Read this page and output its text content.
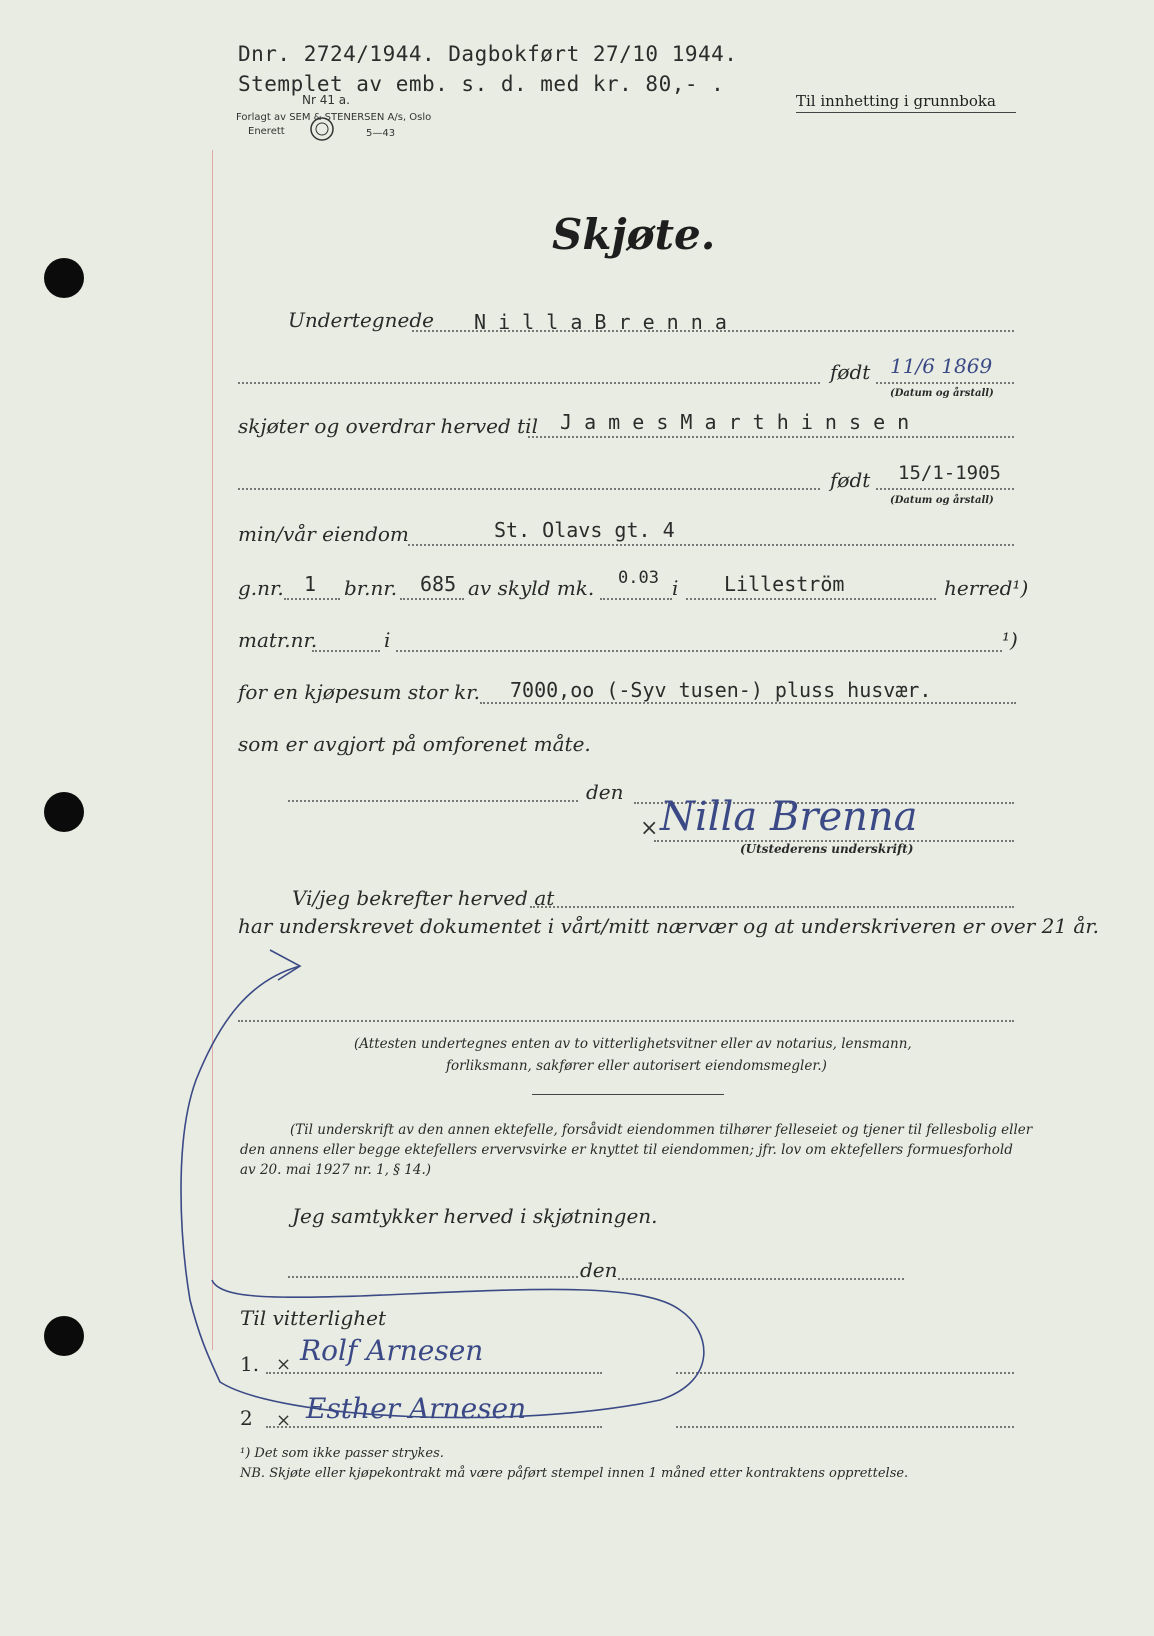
Dnr. 2724/1944. Dagbokført 27/10 1944.
Stemplet av emb. s. d. med kr. 80,- .
Nr 41 a.
Forlagt av SEM & STENERSEN A/s, Oslo
Enerett	5—43
Til innhetting i grunnboka
Skjøte.
Undertegnede N i l l a B r e n n a
født 11/6 1869
(Datum og årstall)
skjøter og overdrar herved til J a m e s M a r t h i n s e n
født 15/1-1905
(Datum og årstall)
min/vår eiendom	St. Olavs gt. 4
g.nr. 1 br.nr. 685 av skyld mk. 0.03 i Lilleström	herred¹)
matr.nr.	i	¹)
for en kjøpesum stor kr. 7000,oo (-Syv tusen-) pluss husvær.
som er avgjort på omforenet måte.
den
× Nilla Brenna
(Utstederens underskrift)
Vi/jeg bekrefter herved at
har underskrevet dokumentet i vårt/mitt nærvær og at underskriveren er over 21 år.
(Attesten undertegnes enten av to vitterlighetsvitner eller av notarius, lensmann,
forliksmann, sakfører eller autorisert eiendomsmegler.)
(Til underskrift av den annen ektefelle, forsåvidt eiendommen tilhører felleseiet og tjener til fellesbolig eller
den annens eller begge ektefellers ervervsvirke er knyttet til eiendommen; jfr. lov om ektefellers formuesforhold
av 20. mai 1927 nr. 1, § 14.)
Jeg samtykker herved i skjøtningen.
den
Til vitterlighet
1. × Rolf Arnesen
2 × Esther Arnesen
¹) Det som ikke passer strykes.
NB. Skjøte eller kjøpekontrakt må være påført stempel innen 1 måned etter kontraktens opprettelse.
